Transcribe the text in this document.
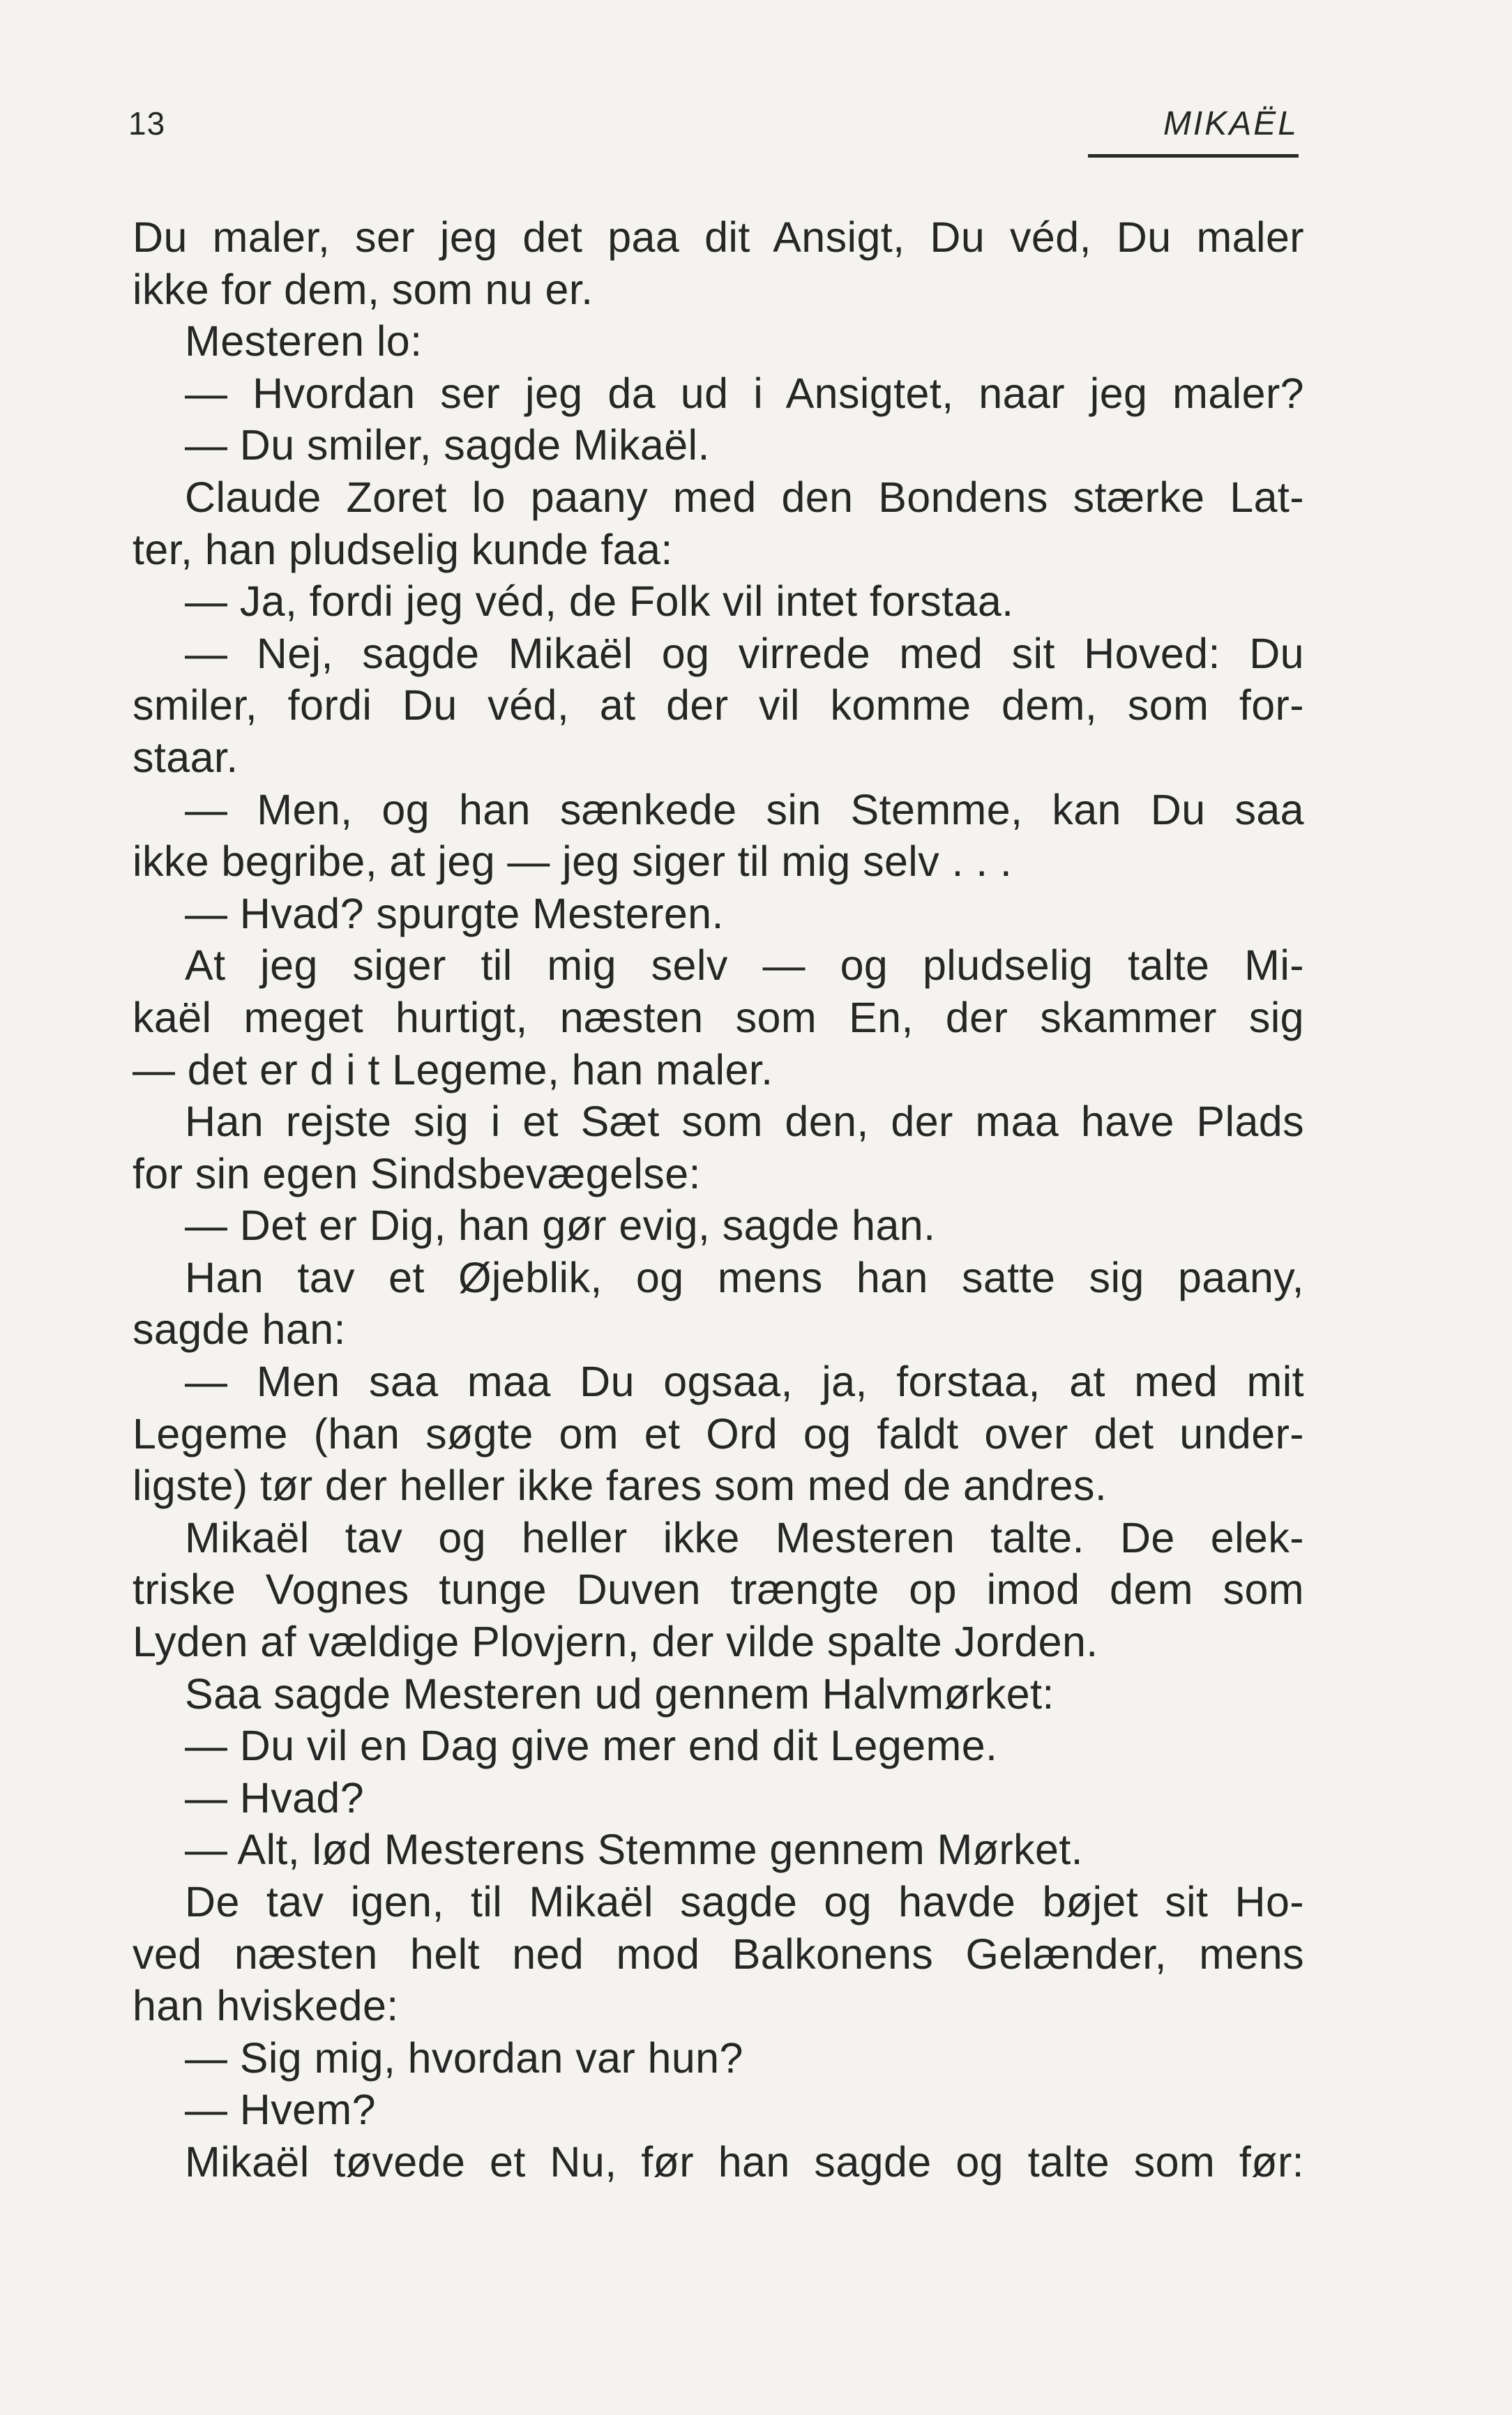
13	MIKAËL
Du maler, ser jeg det paa dit Ansigt, Du véd, Du maler
ikke for dem, som nu er.
Mesteren lo:
— Hvordan ser jeg da ud i Ansigtet, naar jeg maler?
— Du smiler, sagde Mikaël.
Claude Zoret lo paany med den Bondens stærke Lat-
ter, han pludselig kunde faa:
— Ja, fordi jeg véd, de Folk vil intet forstaa.
— Nej, sagde Mikaël og virrede med sit Hoved: Du
smiler, fordi Du véd, at der vil komme dem, som for-
staar.
— Men, og han sænkede sin Stemme, kan Du saa
ikke begribe, at jeg — jeg siger til mig selv . . .
— Hvad? spurgte Mesteren.
At jeg siger til mig selv — og pludselig talte Mi-
kaël meget hurtigt, næsten som En, der skammer sig
— det er d i t Legeme, han maler.
Han rejste sig i et Sæt som den, der maa have Plads
for sin egen Sindsbevægelse:
— Det er Dig, han gør evig, sagde han.
Han tav et Øjeblik, og mens han satte sig paany,
sagde han:
— Men saa maa Du ogsaa, ja, forstaa, at med mit
Legeme (han søgte om et Ord og faldt over det under-
ligste) tør der heller ikke fares som med de andres.
Mikaël tav og heller ikke Mesteren talte. De elek-
triske Vognes tunge Duven trængte op imod dem som
Lyden af vældige Plovjern, der vilde spalte Jorden.
Saa sagde Mesteren ud gennem Halvmørket:
— Du vil en Dag give mer end dit Legeme.
— Hvad?
— Alt, lød Mesterens Stemme gennem Mørket.
De tav igen, til Mikaël sagde og havde bøjet sit Ho-
ved næsten helt ned mod Balkonens Gelænder, mens
han hviskede:
— Sig mig, hvordan var hun?
— Hvem?
Mikaël tøvede et Nu, før han sagde og talte som før:
